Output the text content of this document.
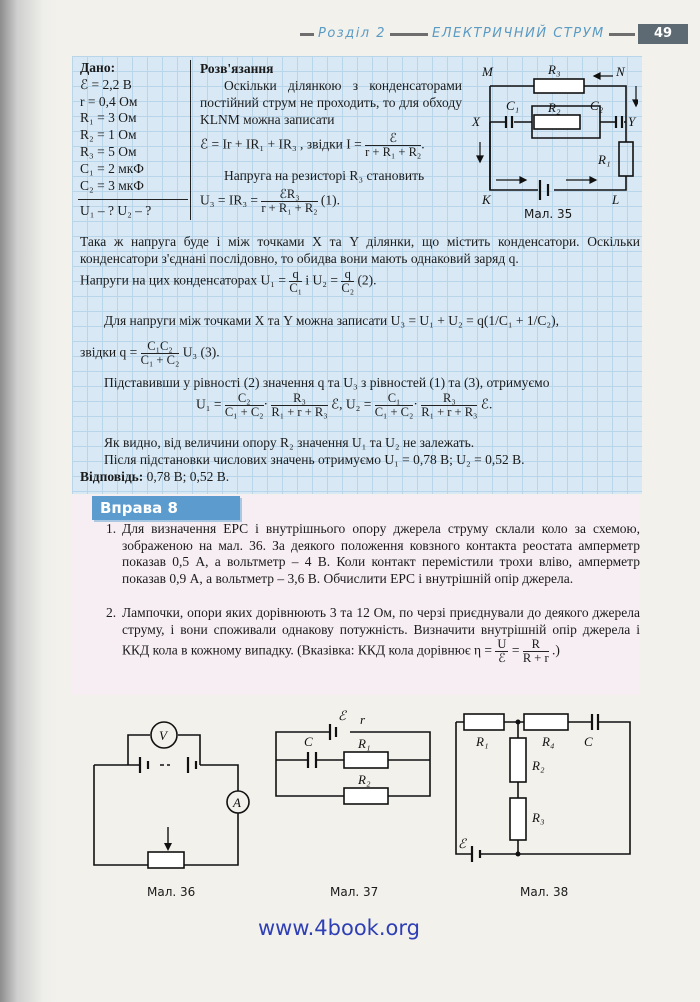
Розділ 2	ЕЛЕКТРИЧНИЙ СТРУМ	49
Дано:
ℰ = 2,2 В
r = 0,4 Ом
R₁ = 3 Ом
R₂ = 1 Ом
R₃ = 5 Ом
C₁ = 2 мкФ
C₂ = 3 мкФ
U₁ – ? U₂ – ?
Розв'язання
Оскільки ділянкою з конденсаторами постійний струм не проходить, то для обходу KLNM можна записати
ℰ = Ir + IR₁ + IR₃ , звідки $I = \frac{\text{ℰ}}{\text{r + R₁ + R₂}}$ .
Напруга на резисторі R₃ становить
$U_3 = IR_3 = \frac{\text{ℰR₃}}{\text{r + R₁ + R₂}} (1)$.
M	N
K	L
X	Y
R₃
R₂
R₁
C₁	C₂
Мал. 35
Така ж напруга буде і між точками X та Y ділянки, що містить конденсатори. Оскільки конденсатори з'єднані послідовно, то обидва вони мають однаковий заряд q.
Напруги на цих конденсаторах $U_1 = \frac{q}{\text{C₁}}$ і $U_2 = \frac{q}{\text{C₂}} (2)$.
Для напруги між точками X та Y можна записати U₃ = U₁ + U₂ = q(1/C₁ + 1/C₂),
звідки $q = \frac{\text{C₁C₂}}{\text{C₁ + C₂}} U_3$ (3).
Підставивши у рівності (2) значення q та U₃ з рівностей (1) та (3), отримуємо
$U_1 = \frac{\text{C₂}}{\text{C₁ + C₂}} \cdot \frac{\text{R₃}}{\text{R₁ + r + R₃}}$ ℰ, $U_2 = \frac{\text{C₁}}{\text{C₁ + C₂}} \cdot \frac{\text{R₃}}{\text{R₁ + r + R₃}}$ ℰ.
Як видно, від величини опору R₂ значення U₁ та U₂ не залежать.
Після підстановки числових значень отримуємо U₁ = 0,78 В; U₂ = 0,52 В.
Відповідь: 0,78 В; 0,52 В.
Вправа 8
1. Для визначення ЕРС і внутрішнього опору джерела струму склали коло за схемою, зображеною на мал. 36. За деякого положення ковзного контакта реостата амперметр показав 0,5 А, а вольтметр – 4 В. Коли контакт перемістили трохи вліво, амперметр показав 0,9 А, а вольтметр – 3,6 В. Обчислити ЕРС і внутрішній опір джерела.
2. Лампочки, опори яких дорівнюють 3 та 12 Ом, по черзі приєднували до деякого джерела струму, і вони споживали однакову потужність. Визначити внутрішній опір джерела і ККД кола в кожному випадку. (Вказівка: ККД кола дорівнює $\eta = \frac{U}{\text{ℰ}} = \frac{R}{R + r}$ .)
V
A
Мал. 36
ℰ r
C	R₁
R₂
Мал. 37
R₁	R₄ C
R₂
R₃
ℰ
Мал. 38
www.4book.org
